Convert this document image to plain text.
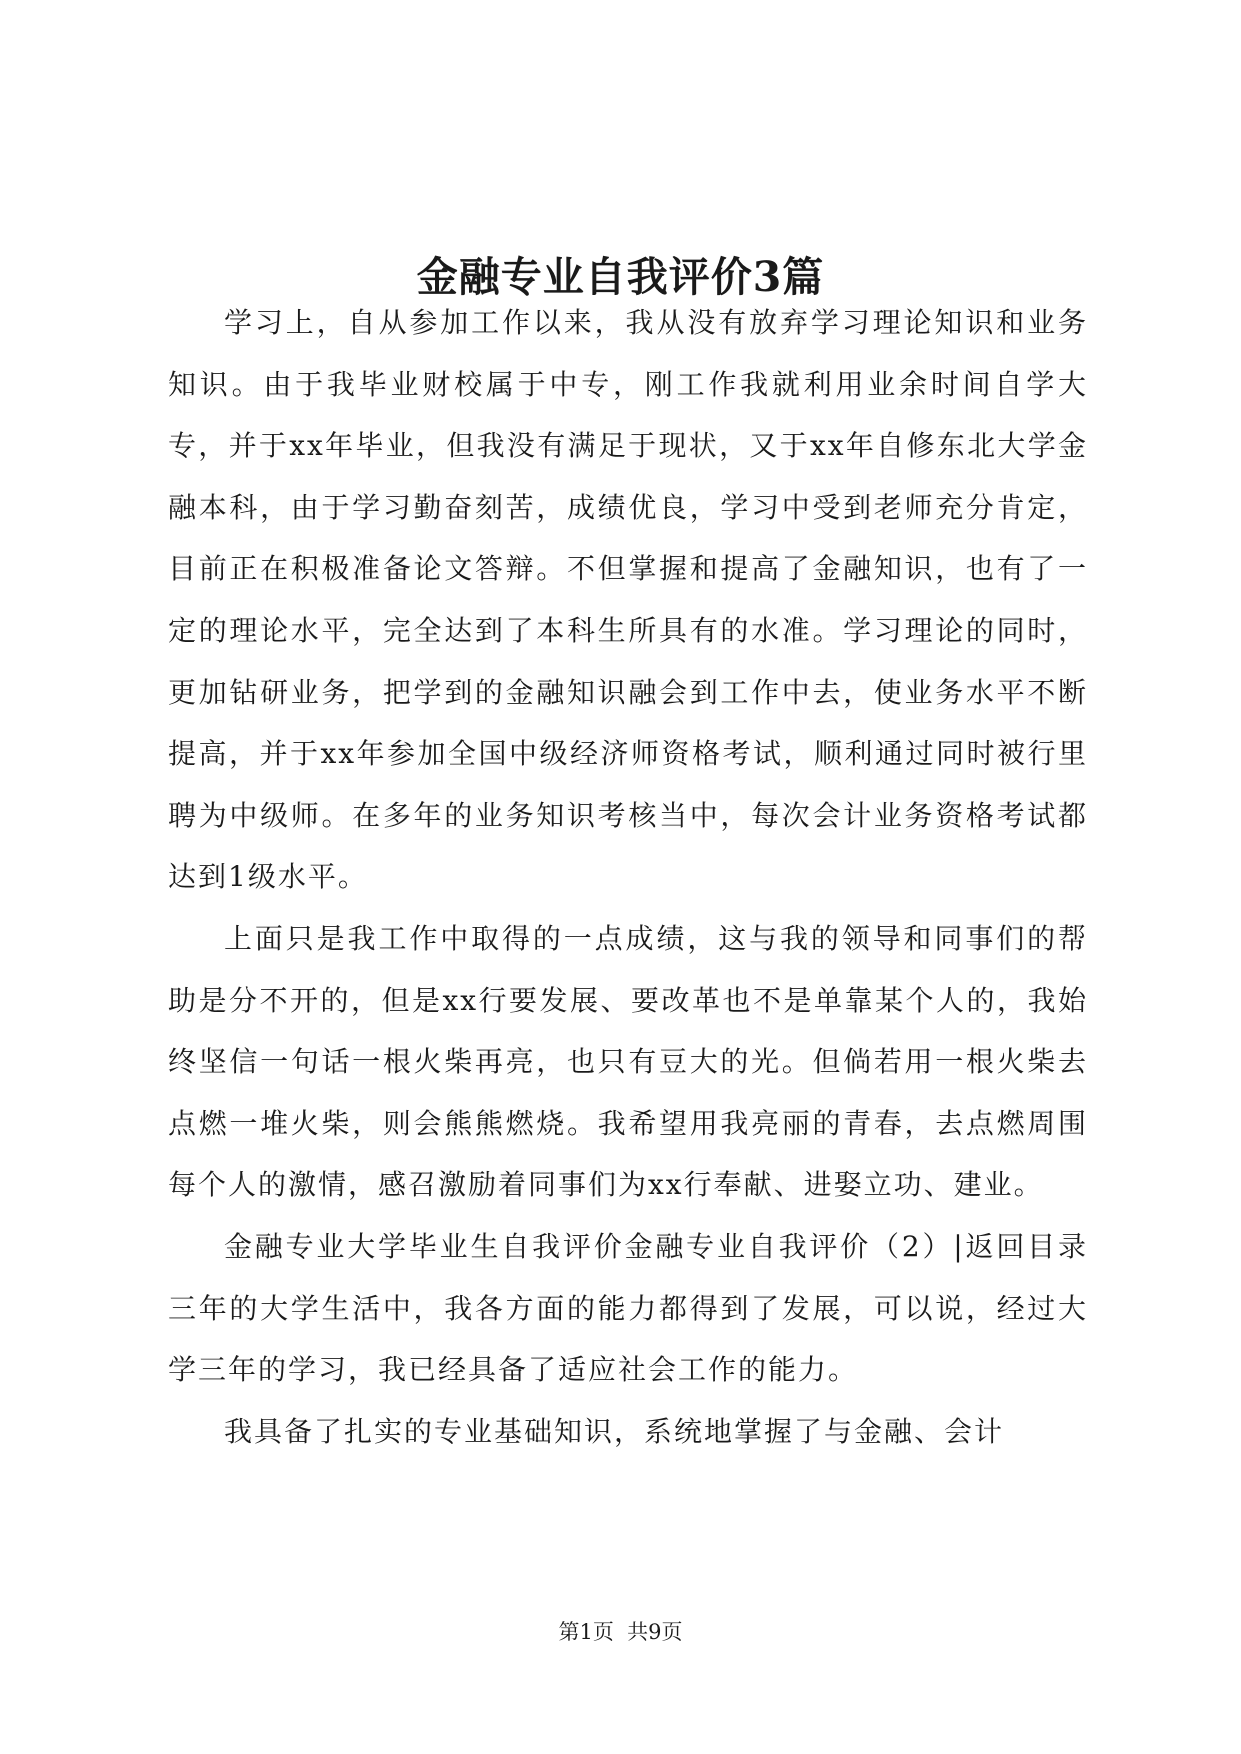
金融专业自我评价3篇

学习上，自从参加工作以来，我从没有放弃学习理论知识和业务知识。由于我毕业财校属于中专，刚工作我就利用业余时间自学大专，并于xx年毕业，但我没有满足于现状，又于xx年自修东北大学金融本科，由于学习勤奋刻苦，成绩优良，学习中受到老师充分肯定，目前正在积极准备论文答辩。不但掌握和提高了金融知识，也有了一定的理论水平，完全达到了本科生所具有的水准。学习理论的同时，更加钻研业务，把学到的金融知识融会到工作中去，使业务水平不断提高，并于xx年参加全国中级经济师资格考试，顺利通过同时被行里聘为中级师。在多年的业务知识考核当中，每次会计业务资格考试都达到1级水平。

上面只是我工作中取得的一点成绩，这与我的领导和同事们的帮助是分不开的，但是xx行要发展、要改革也不是单靠某个人的，我始终坚信一句话一根火柴再亮，也只有豆大的光。但倘若用一根火柴去点燃一堆火柴，则会熊熊燃烧。我希望用我亮丽的青春，去点燃周围每个人的激情，感召激励着同事们为xx行奉献、进娶立功、建业。

金融专业大学毕业生自我评价金融专业自我评价（2）|返回目录三年的大学生活中，我各方面的能力都得到了发展，可以说，经过大学三年的学习，我已经具备了适应社会工作的能力。

我具备了扎实的专业基础知识，系统地掌握了与金融、会计

第1页  共9页
